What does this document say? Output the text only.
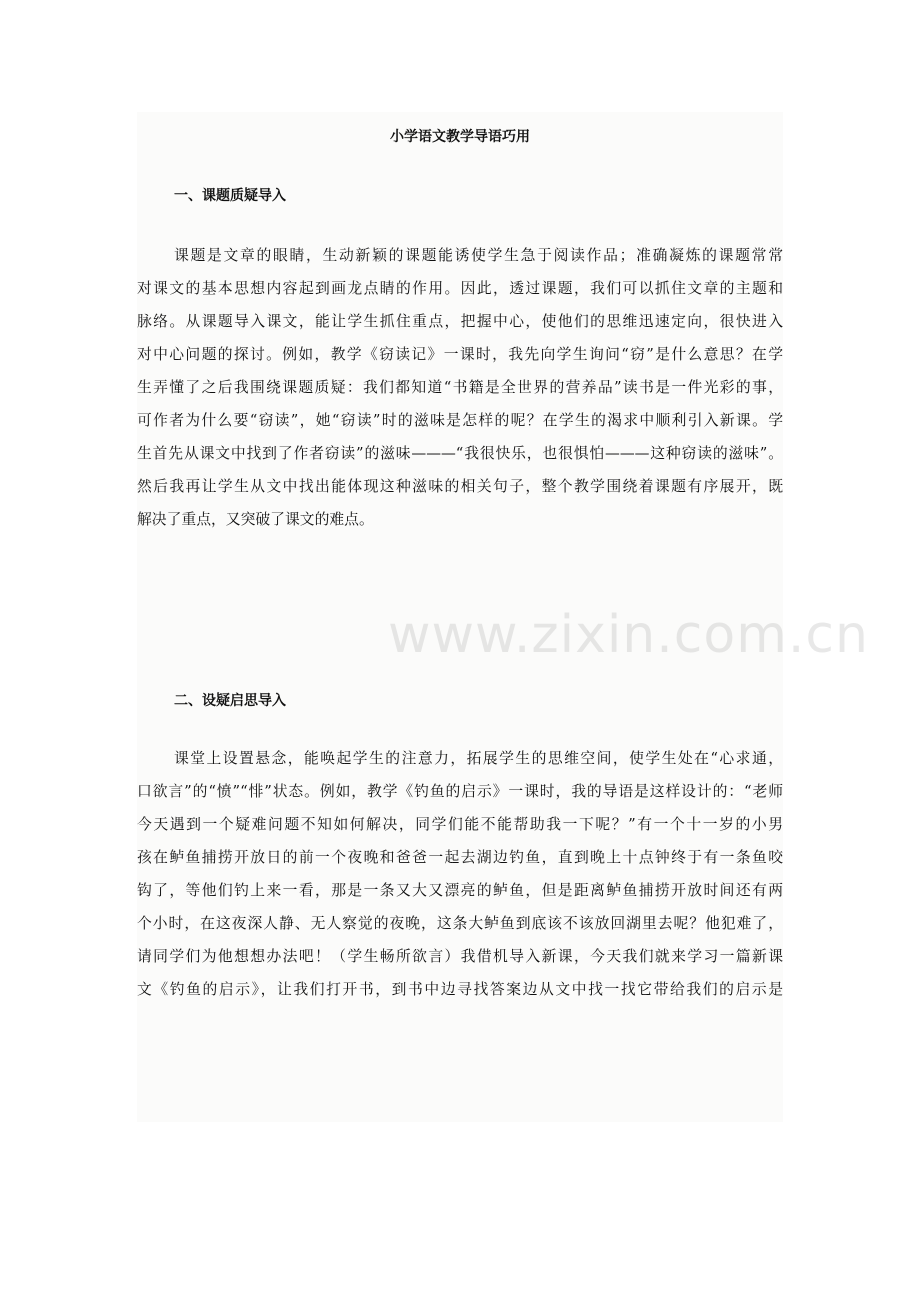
小学语文教学导语巧用
一、课题质疑导入
课题是文章的眼睛，生动新颖的课题能诱使学生急于阅读作品；准确凝炼的课题常常
对课文的基本思想内容起到画龙点睛的作用。因此，透过课题，我们可以抓住文章的主题和
脉络。从课题导入课文，能让学生抓住重点，把握中心，使他们的思维迅速定向，很快进入
对中心问题的探讨。例如，教学《窃读记》一课时，我先向学生询问“窃”是什么意思？在学
生弄懂了之后我围绕课题质疑：我们都知道“书籍是全世界的营养品”读书是一件光彩的事，
可作者为什么要“窃读”，她“窃读”时的滋味是怎样的呢？在学生的渴求中顺利引入新课。学
生首先从课文中找到了作者窃读”的滋味———“我很快乐，也很惧怕———这种窃读的滋味”。
然后我再让学生从文中找出能体现这种滋味的相关句子，整个教学围绕着课题有序展开，既
解决了重点，又突破了课文的难点。
二、设疑启思导入
课堂上设置悬念，能唤起学生的注意力，拓展学生的思维空间，使学生处在“心求通，
口欲言”的“愤”“悱”状态。例如，教学《钓鱼的启示》一课时，我的导语是这样设计的：“老师
今天遇到一个疑难问题不知如何解决，同学们能不能帮助我一下呢？”有一个十一岁的小男
孩在鲈鱼捕捞开放日的前一个夜晚和爸爸一起去湖边钓鱼，直到晚上十点钟终于有一条鱼咬
钩了，等他们钓上来一看，那是一条又大又漂亮的鲈鱼，但是距离鲈鱼捕捞开放时间还有两
个小时，在这夜深人静、无人察觉的夜晚，这条大鲈鱼到底该不该放回湖里去呢？他犯难了，
请同学们为他想想办法吧！（学生畅所欲言）我借机导入新课，今天我们就来学习一篇新课
文《钓鱼的启示》，让我们打开书，到书中边寻找答案边从文中找一找它带给我们的启示是
www.zixin.com.cn
